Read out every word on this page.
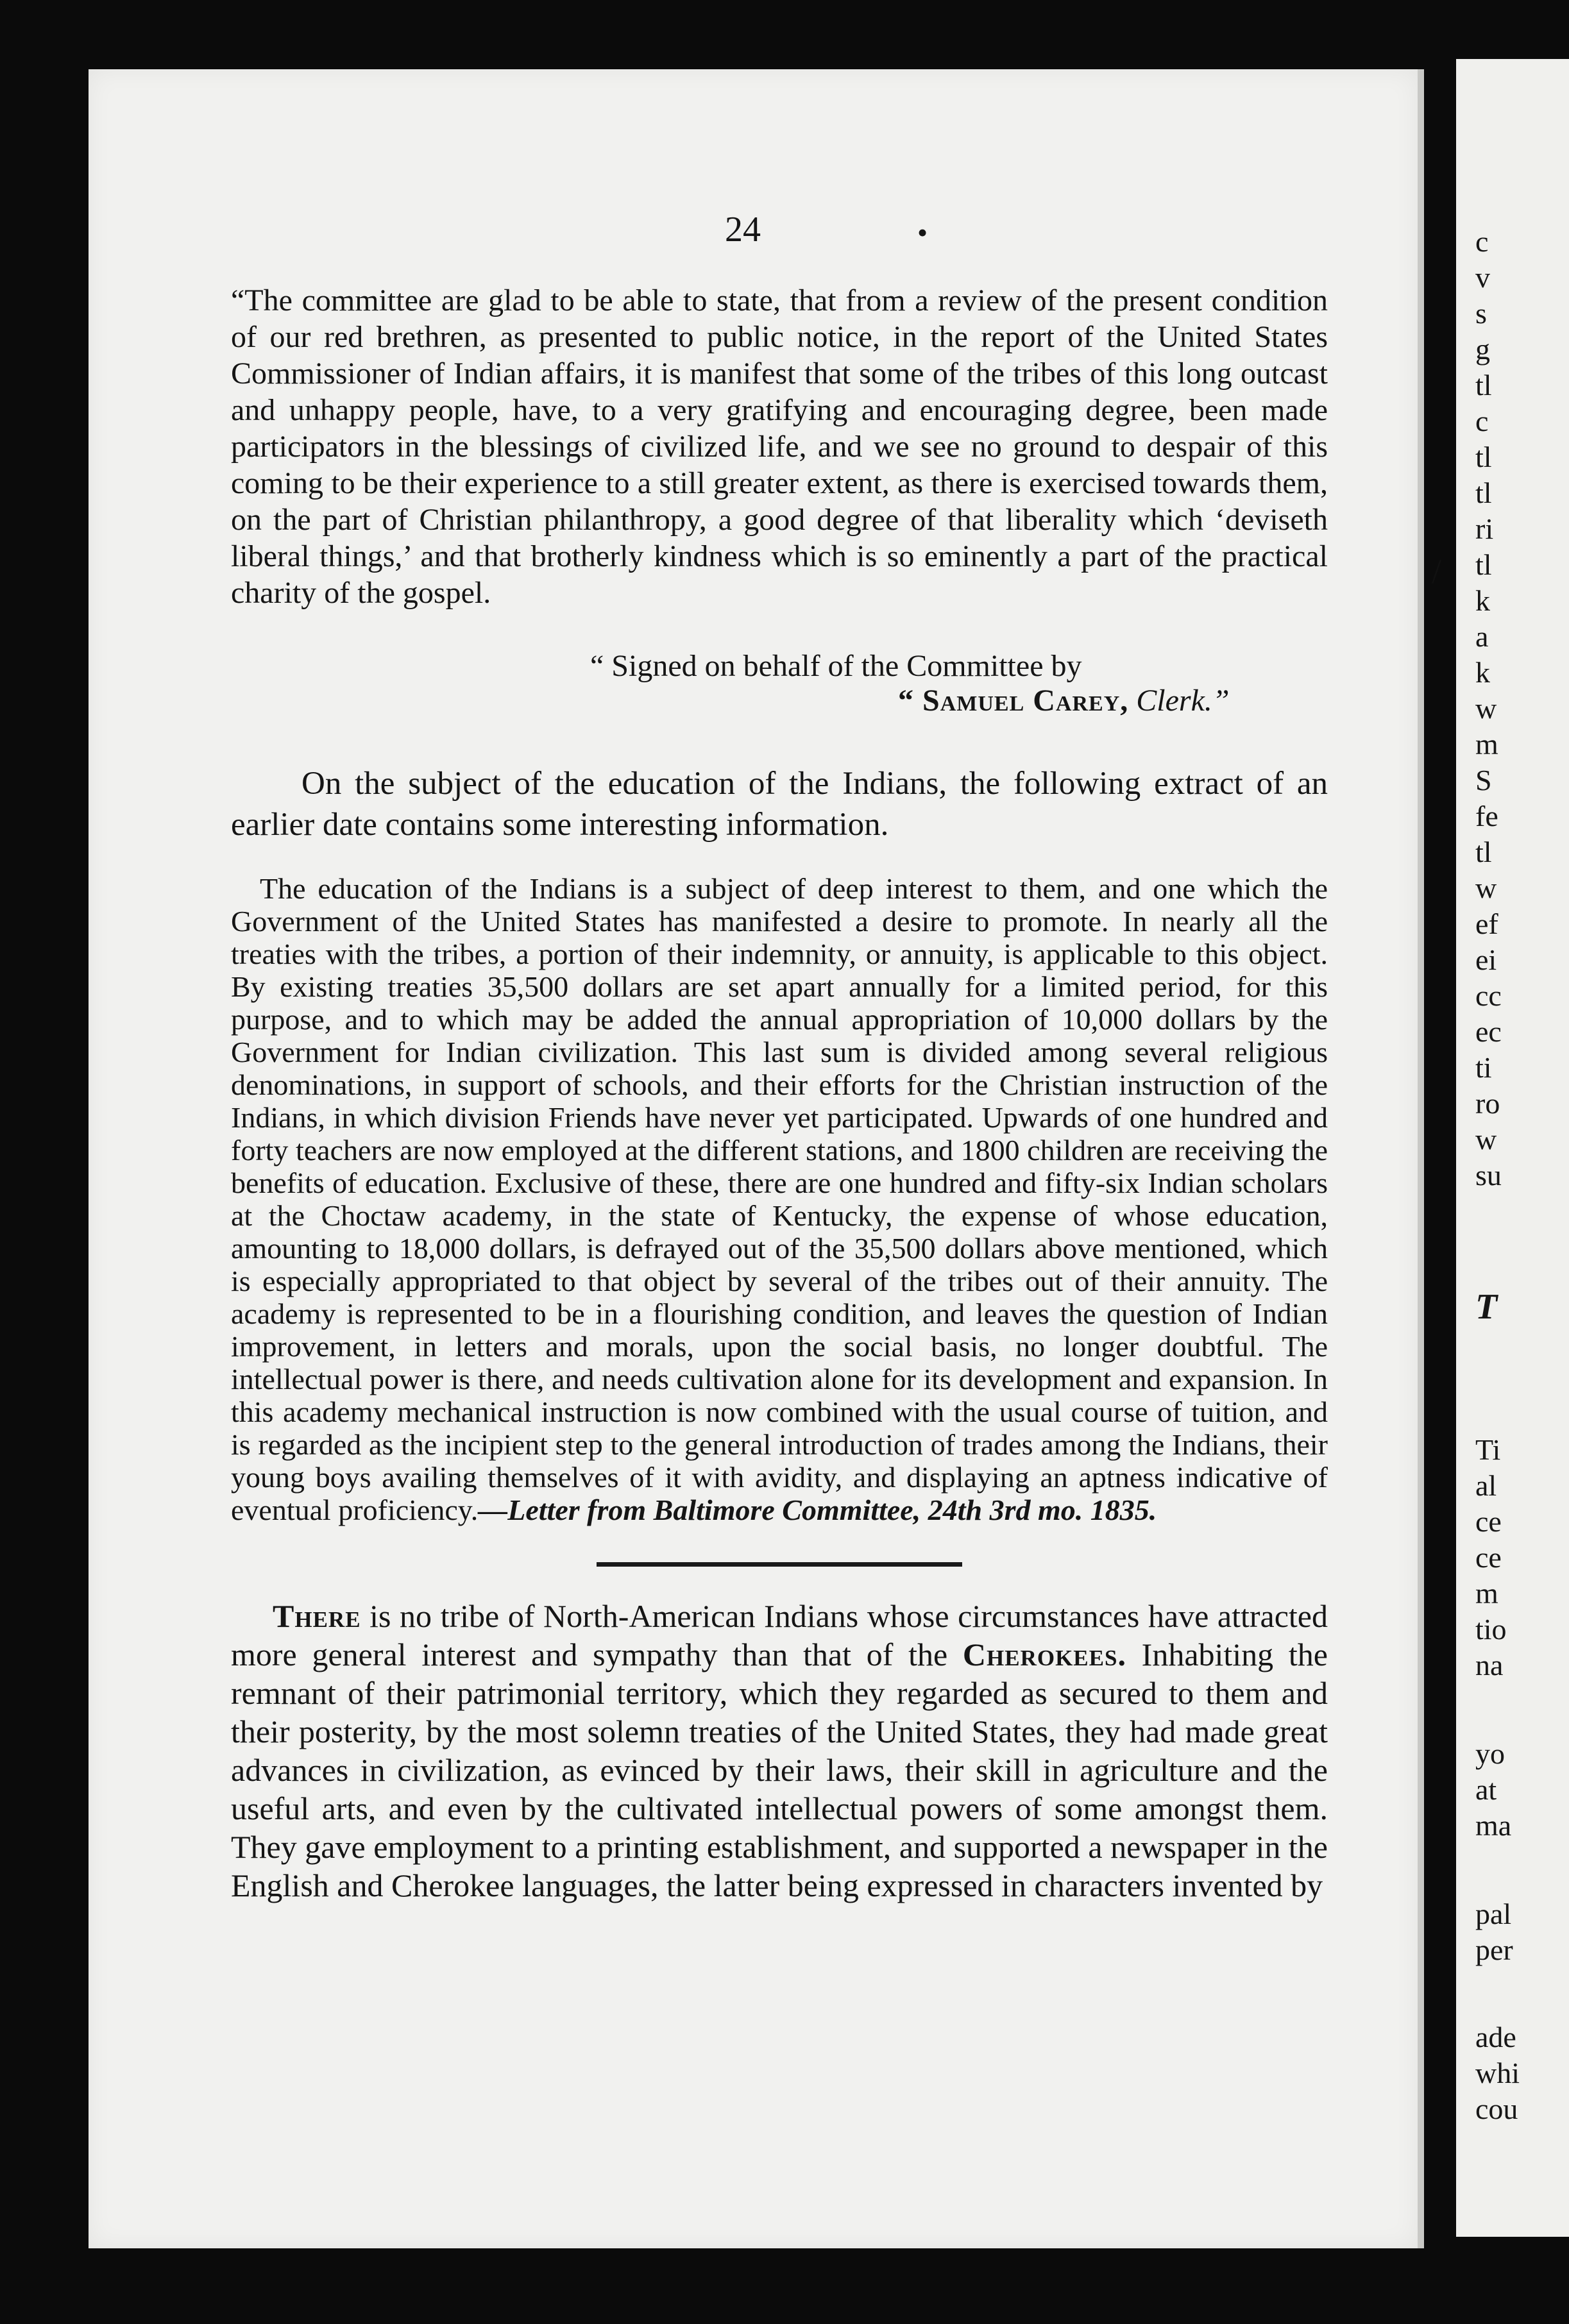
24	•
“The committee are glad to be able to state, that from a review of the present condition of our red brethren, as presented to public notice, in the report of the United States Commissioner of Indian affairs, it is manifest that some of the tribes of this long outcast and unhappy people, have, to a very gratifying and encouraging degree, been made participators in the blessings of civilized life, and we see no ground to despair of this coming to be their experience to a still greater extent, as there is exercised towards them, on the part of Christian philanthropy, a good degree of that liberality which ‘deviseth liberal things,’ and that brotherly kindness which is so eminently a part of the practical charity of the gospel.
“ Signed on behalf of the Committee by
“ Samuel Carey, Clerk.”
On the subject of the education of the Indians, the following extract of an earlier date contains some interesting information.
The education of the Indians is a subject of deep interest to them, and one which the Government of the United States has manifested a desire to promote. In nearly all the treaties with the tribes, a portion of their indemnity, or annuity, is applicable to this object. By existing treaties 35,500 dollars are set apart annually for a limited period, for this purpose, and to which may be added the annual appropriation of 10,000 dollars by the Government for Indian civilization. This last sum is divided among several religious denominations, in support of schools, and their efforts for the Christian instruction of the Indians, in which division Friends have never yet participated. Upwards of one hundred and forty teachers are now employed at the different stations, and 1800 children are receiving the benefits of education. Exclusive of these, there are one hundred and fifty-six Indian scholars at the Choctaw academy, in the state of Kentucky, the expense of whose education, amounting to 18,000 dollars, is defrayed out of the 35,500 dollars above mentioned, which is especially appropriated to that object by several of the tribes out of their annuity. The academy is represented to be in a flourishing condition, and leaves the question of Indian improvement, in letters and morals, upon the social basis, no longer doubtful. The intellectual power is there, and needs cultivation alone for its development and expansion. In this academy mechanical instruction is now combined with the usual course of tuition, and is regarded as the incipient step to the general introduction of trades among the Indians, their young boys availing themselves of it with avidity, and displaying an aptness indicative of eventual proficiency.—Letter from Baltimore Committee, 24th 3rd mo. 1835.
There is no tribe of North-American Indians whose circumstances have attracted more general interest and sympathy than that of the Cherokees. Inhabiting the remnant of their patrimonial territory, which they regarded as secured to them and their posterity, by the most solemn treaties of the United States, they had made great advances in civilization, as evinced by their laws, their skill in agriculture and the useful arts, and even by the cultivated intellectual powers of some amongst them. They gave employment to a printing establishment, and supported a newspaper in the English and Cherokee languages, the latter being expressed in characters invented by
/
c
v
s
g
tl
c
tl
tl
ri
tl
k
a
k
w
m
S
fe
tl
w
ef
ei
cc
ec
ti
ro
w
su
T
Ti
al
ce
ce
m
tio
na
yo
at
ma
pal
per
ade
whi
cou
